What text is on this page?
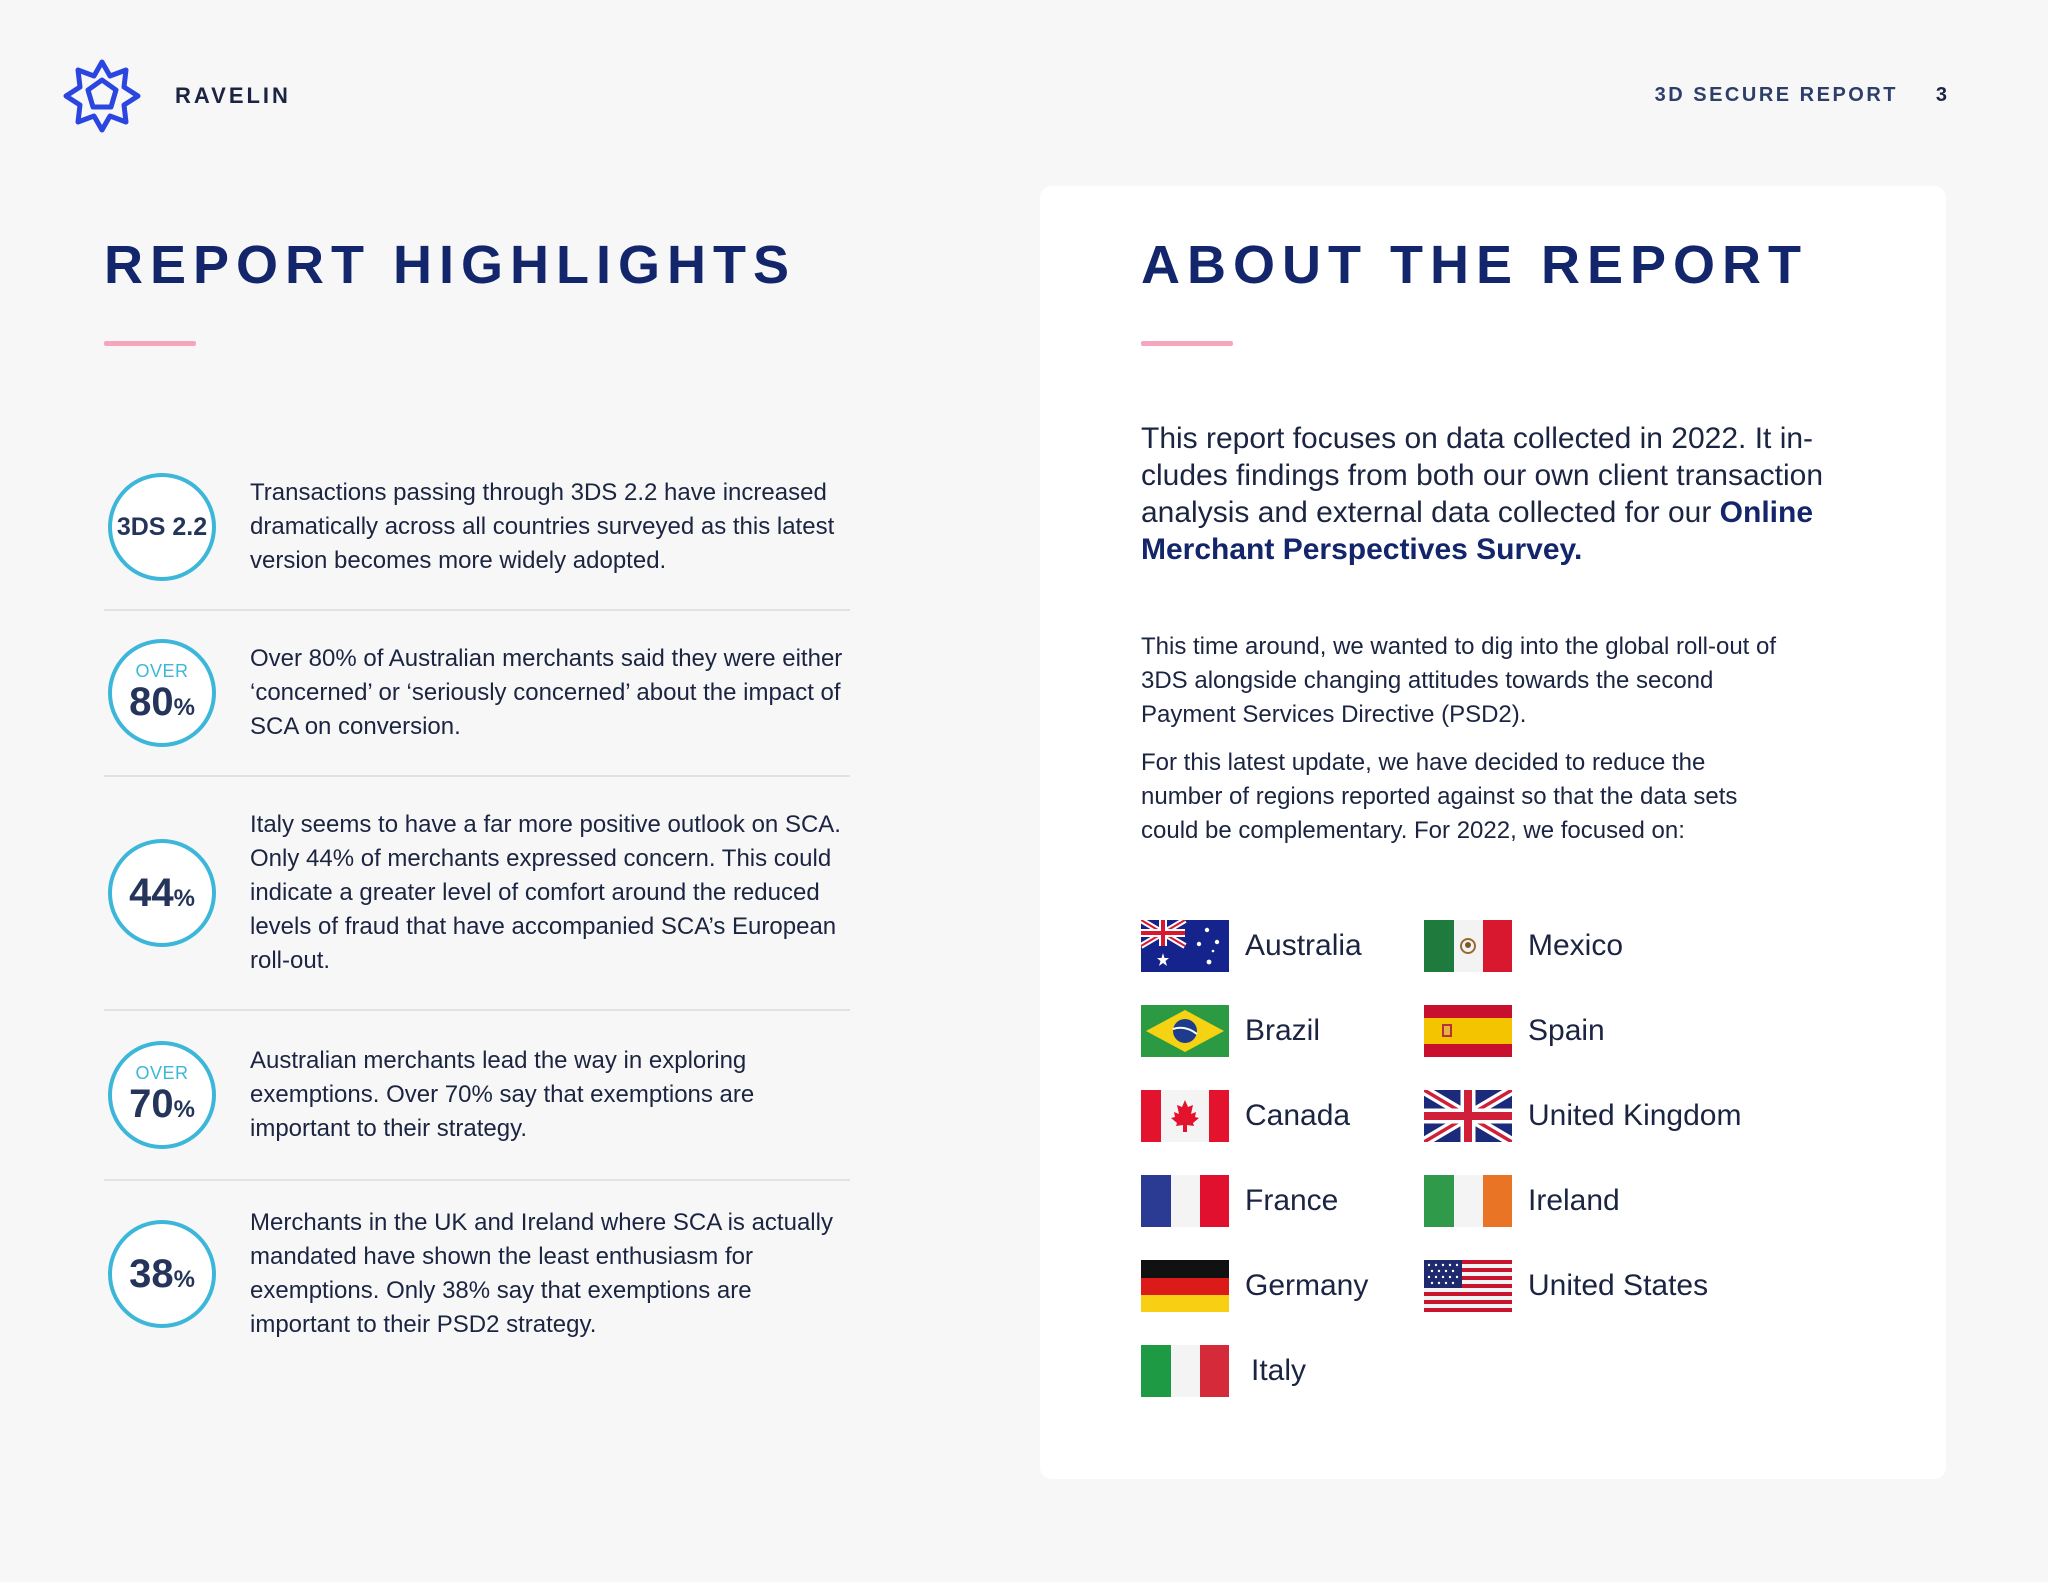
RAVELIN	3D SECURE REPORT 3
REPORT HIGHLIGHTS
3DS 2.2

Transactions passing through 3DS 2.2 have increased dramatically across all countries surveyed as this latest version becomes more widely adopted.

OVER
80%

Over 80% of Australian merchants said they were either ‘concerned’ or ‘seriously concerned’ about the impact of SCA on conversion.

44%

Italy seems to have a far more positive outlook on SCA. Only 44% of merchants expressed concern. This could indicate a greater level of comfort around the reduced levels of fraud that have accompanied SCA’s European roll-out.

OVER
70%

Australian merchants lead the way in exploring exemptions. Over 70% say that exemptions are important to their strategy.

38%

Merchants in the UK and Ireland where SCA is actually mandated have shown the least enthusiasm for exemptions. Only 38% say that exemptions are important to their PSD2 strategy.

ABOUT THE REPORT

This report focuses on data collected in 2022. It in-cludes findings from both our own client transaction analysis and external data collected for our Online Merchant Perspectives Survey.

This time around, we wanted to dig into the global roll-out of 3DS alongside changing attitudes towards the second Payment Services Directive (PSD2).

For this latest update, we have decided to reduce the number of regions reported against so that the data sets could be complementary. For 2022, we focused on:

Australia	Mexico
Brazil	Spain
Canada	United Kingdom
France	Ireland
Germany	United States
Italy
